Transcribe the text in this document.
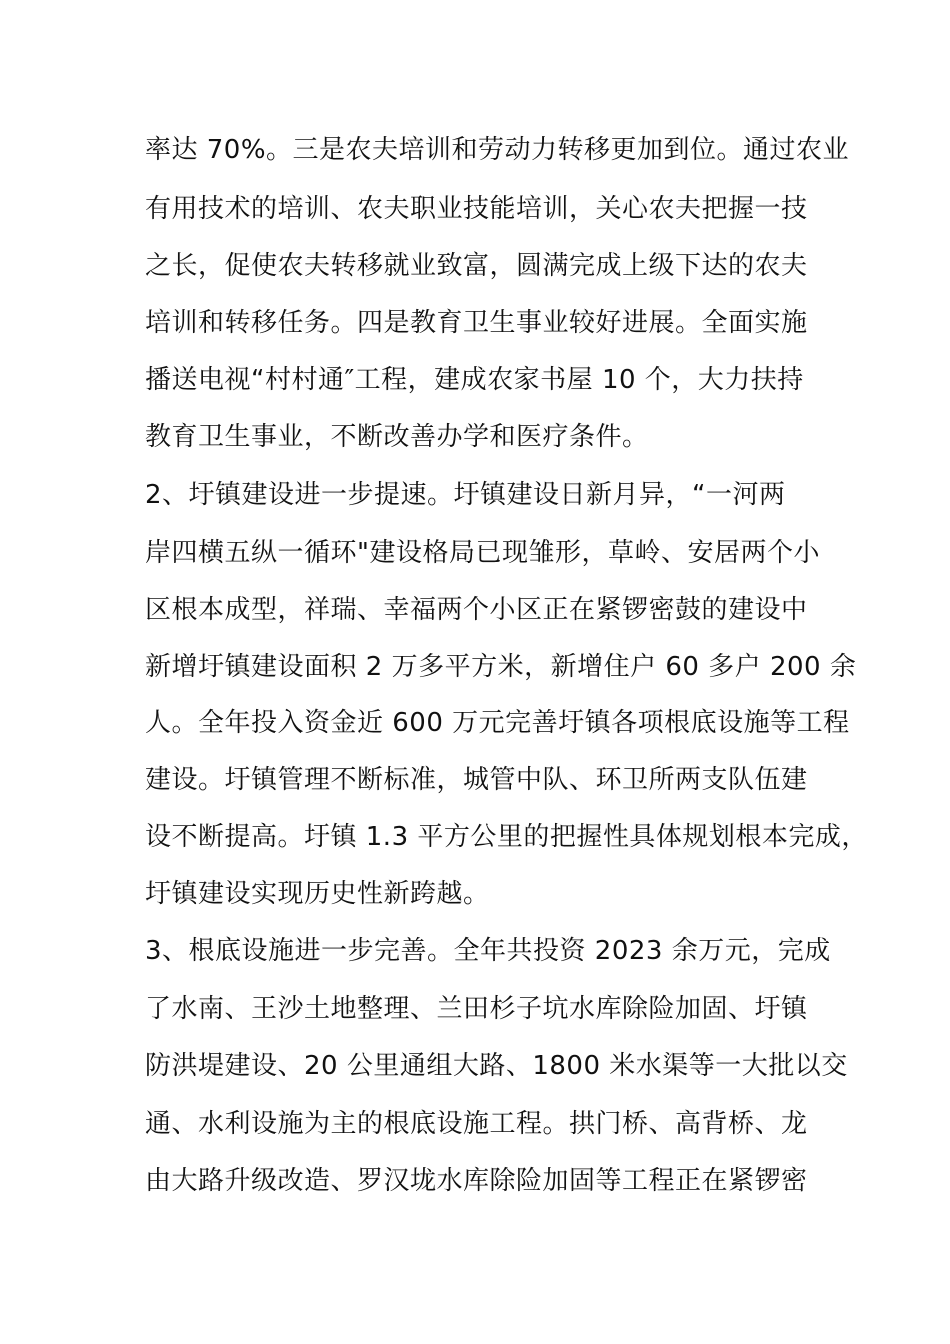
率达 70%。三是农夫培训和劳动力转移更加到位。通过农业
有用技术的培训、农夫职业技能培训，关心农夫把握一技
之长，促使农夫转移就业致富，圆满完成上级下达的农夫
培训和转移任务。四是教育卫生事业较好进展。全面实施
播送电视“村村通″工程，建成农家书屋 10 个，大力扶持
教育卫生事业，不断改善办学和医疗条件。
2、圩镇建设进一步提速。圩镇建设日新月异，“一河两
岸四横五纵一循环"建设格局已现雏形，草岭、安居两个小
区根本成型，祥瑞、幸福两个小区正在紧锣密鼓的建设中
新增圩镇建设面积 2 万多平方米，新增住户 60 多户 200 余
人。全年投入资金近 600 万元完善圩镇各项根底设施等工程
建设。圩镇管理不断标准，城管中队、环卫所两支队伍建
设不断提高。圩镇 1.3 平方公里的把握性具体规划根本完成，
圩镇建设实现历史性新跨越。
3、根底设施进一步完善。全年共投资 2023 余万元，完成
了水南、王沙土地整理、兰田杉子坑水库除险加固、圩镇
防洪堤建设、20 公里通组大路、1800 米水渠等一大批以交
通、水利设施为主的根底设施工程。拱门桥、高背桥、龙
由大路升级改造、罗汉垅水库除险加固等工程正在紧锣密
